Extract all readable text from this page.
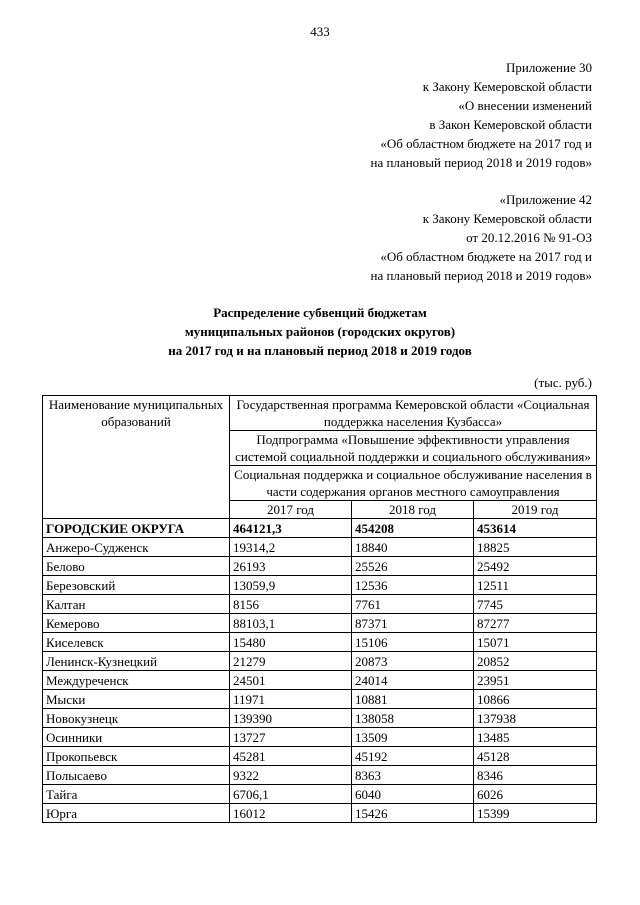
433
Приложение 30
к Закону Кемеровской области
«О внесении изменений
в Закон Кемеровской области
«Об областном бюджете на 2017 год и
на плановый период 2018 и 2019 годов»
«Приложение 42
к Закону Кемеровской области
от 20.12.2016 № 91-ОЗ
«Об областном бюджете на 2017 год и
на плановый период 2018 и 2019 годов»
Распределение субвенций бюджетам
муниципальных районов (городских округов)
на 2017 год и на плановый период 2018 и 2019 годов
(тыс. руб.)
Наименование муниципальных образований	Государственная программа Кемеровской области «Социальная поддержка населения Кузбасса»		
	Подпрограмма «Повышение эффективности управления системой социальной поддержки и социального обслуживания»		
	Социальная поддержка и социальное обслуживание населения в части содержания органов местного самоуправления		
	2017 год	2018 год	2019 год
ГОРОДСКИЕ ОКРУГА	464121,3	454208	453614
Анжеро-Судженск	19314,2	18840	18825
Белово	26193	25526	25492
Березовский	13059,9	12536	12511
Калтан	8156	7761	7745
Кемерово	88103,1	87371	87277
Киселевск	15480	15106	15071
Ленинск-Кузнецкий	21279	20873	20852
Междуреченск	24501	24014	23951
Мыски	11971	10881	10866
Новокузнецк	139390	138058	137938
Осинники	13727	13509	13485
Прокопьевск	45281	45192	45128
Полысаево	9322	8363	8346
Тайга	6706,1	6040	6026
Юрга	16012	15426	15399
